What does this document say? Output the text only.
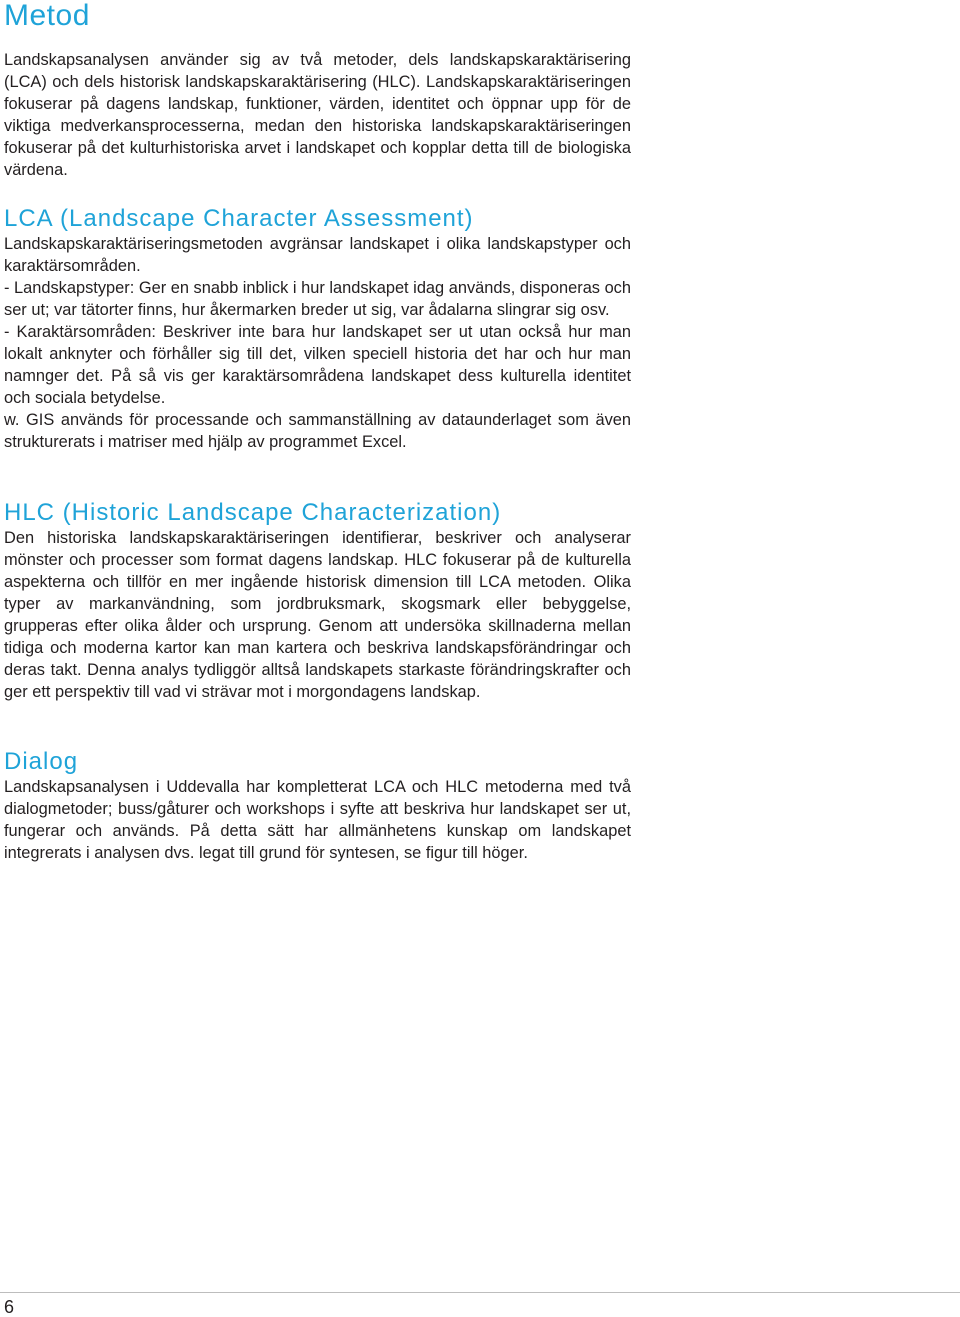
Metod

Landskapsanalysen använder sig av två metoder, dels landskapskaraktärisering (LCA) och dels historisk landskapskaraktärisering (HLC). Landskapskaraktäriseringen fokuserar på dagens landskap, funktioner, värden, identitet och öppnar upp för de viktiga medverkansprocesserna, medan den historiska landskapskaraktäriseringen fokuserar på det kulturhistoriska arvet i landskapet och kopplar detta till de biologiska värdena.

LCA (Landscape Character Assessment)

Landskapskaraktäriseringsmetoden avgränsar landskapet i olika landskapstyper och karaktärsområden.

- Landskapstyper: Ger en snabb inblick i hur landskapet idag används, disponeras och ser ut; var tätorter finns, hur åkermarken breder ut sig, var ådalarna slingrar sig osv.

- Karaktärsområden: Beskriver inte bara hur landskapet ser ut utan också hur man lokalt anknyter och förhåller sig till det, vilken speciell historia det har och hur man namnger det. På så vis ger karaktärsområdena landskapet dess kulturella identitet och sociala betydelse.

w. GIS används för processande och sammanställning av dataunderlaget som även strukturerats i matriser med hjälp av programmet Excel.

HLC (Historic Landscape Characterization)

Den historiska landskapskaraktäriseringen identifierar, beskriver och analyserar mönster och processer som format dagens landskap. HLC fokuserar på de kulturella aspekterna och tillför en mer ingående historisk dimension till LCA metoden. Olika typer av markanvändning, som jordbruksmark, skogsmark eller bebyggelse, grupperas efter olika ålder och ursprung. Genom att undersöka skillnaderna mellan tidiga och moderna kartor kan man kartera och beskriva landskapsförändringar och deras takt. Denna analys tydliggör alltså landskapets starkaste förändringskrafter och ger ett perspektiv till vad vi strävar mot i morgondagens landskap.

Dialog

Landskapsanalysen i Uddevalla har kompletterat LCA och HLC metoderna med två dialogmetoder; buss/gåturer och workshops i syfte att beskriva hur landskapet ser ut, fungerar och används. På detta sätt har allmänhetens kunskap om landskapet integrerats i analysen dvs. legat till grund för syntesen, se figur till höger.

6
